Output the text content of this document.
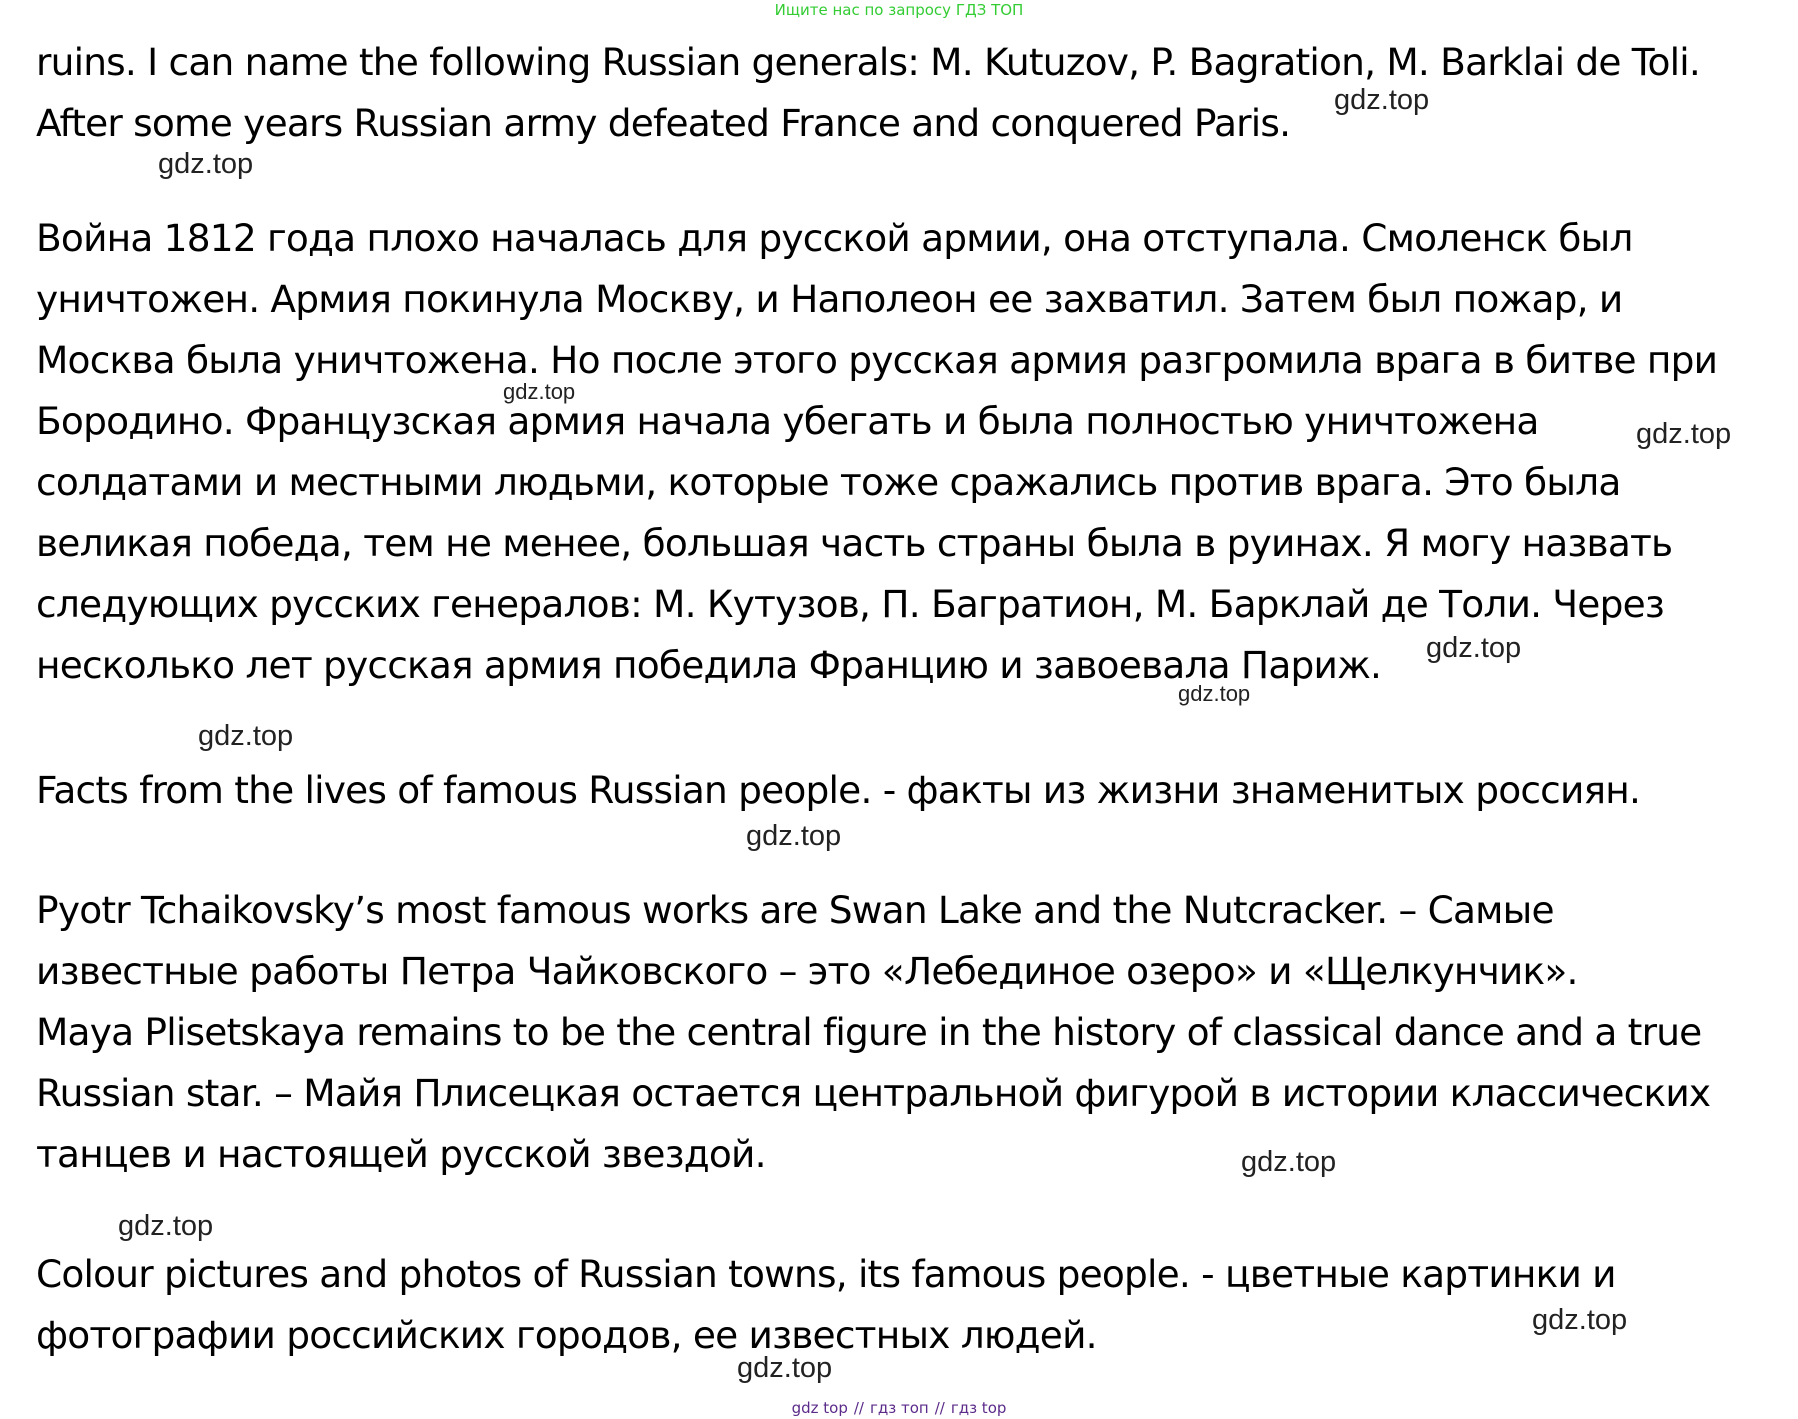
Ищите нас по запросу ГДЗ ТОП
ruins. I can name the following Russian generals: M. Kutuzov, P. Bagration, M. Barklai de Toli.
After some years Russian army defeated France and conquered Paris.
Война 1812 года плохо началась для русской армии, она отступала. Смоленск был
уничтожен. Армия покинула Москву, и Наполеон ее захватил. Затем был пожар, и
Москва была уничтожена. Но после этого русская армия разгромила врага в битве при
Бородино. Французская армия начала убегать и была полностью уничтожена
солдатами и местными людьми, которые тоже сражались против врага. Это была
великая победа, тем не менее, большая часть страны была в руинах. Я могу назвать
следующих русских генералов: М. Кутузов, П. Багратион, М. Барклай де Толи. Через
несколько лет русская армия победила Францию и завоевала Париж.
Facts from the lives of famous Russian people. - факты из жизни знаменитых россиян.
Pyotr Tchaikovsky’s most famous works are Swan Lake and the Nutcracker. – Самые
известные работы Петра Чайковского – это «Лебединое озеро» и «Щелкунчик».
Maya Plisetskaya remains to be the central figure in the history of classical dance and a true
Russian star. – Майя Плисецкая остается центральной фигурой в истории классических
танцев и настоящей русской звездой.
Colour pictures and photos of Russian towns, its famous people. - цветные картинки и
фотографии российских городов, ее известных людей.
gdz.top
gdz.top
gdz.top
gdz.top
gdz.top
gdz.top
gdz.top
gdz.top
gdz.top
gdz.top
gdz.top
gdz.top
gdz top // гдз топ // гдз top
